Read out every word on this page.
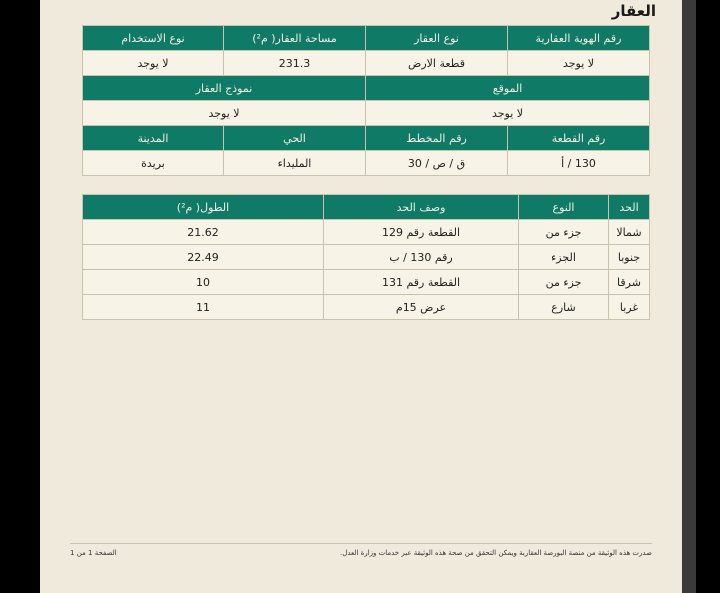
العقار
رقم الهوية العقارية	نوع العقار	مساحة العقار( م²)	نوع الاستخدام
لا يوجد	قطعة الارض	231.3	لا يوجد
الموقع		نموذج العقار	
لا يوجد		لا يوجد	
رقم القطعة	رقم المخطط	الحي	المدينة
130 / أ	ق / ص / 30	المليداء	بريدة
الحد	النوع	وصف الحد	الطول( م²)
شمالا	جزء من	القطعة رقم 129	21.62
جنوبا	الجزء	رقم 130 / ب	22.49
شرقا	جزء من	القطعة رقم 131	10
غربا	شارع	عرض 15م	11
صدرت هذه الوثيقة من منصة البورصة العقارية ويمكن التحقق من صحة هذه الوثيقة عبر خدمات وزارة العدل.
الصفحة 1 من 1
